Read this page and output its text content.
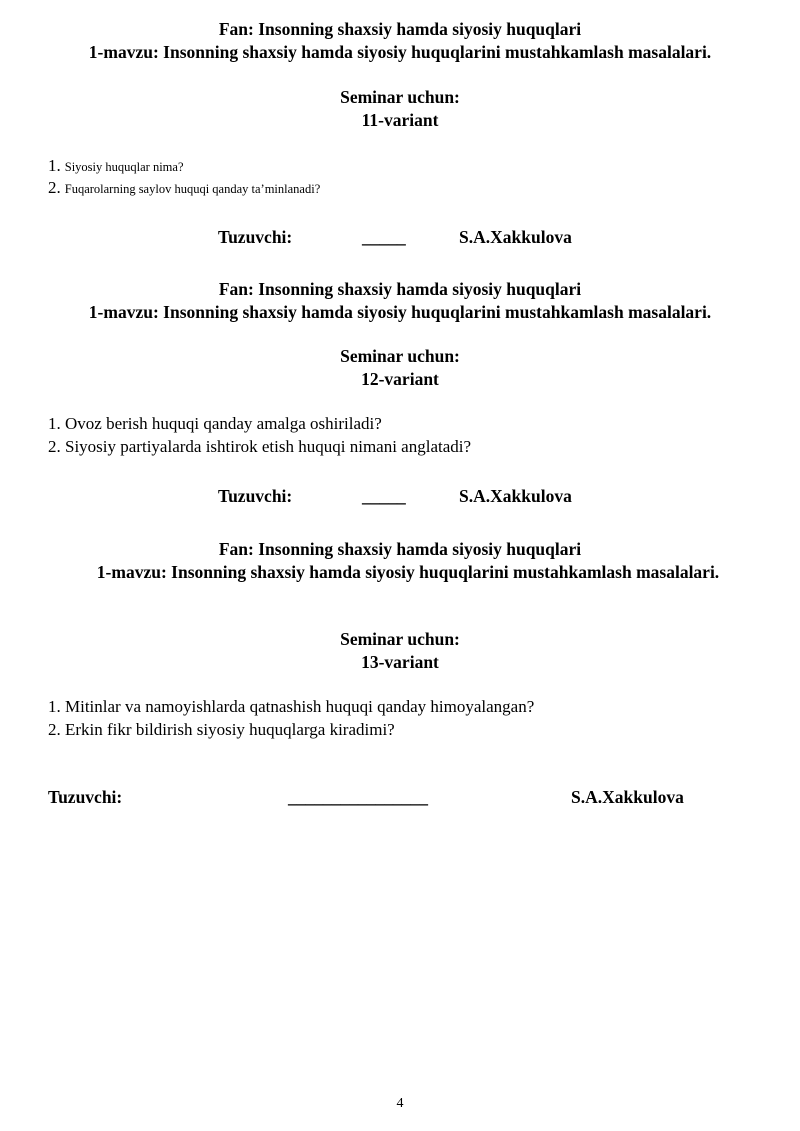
Fan: Insonning shaxsiy hamda siyosiy huquqlari
1-mavzu: Insonning shaxsiy hamda siyosiy huquqlarini mustahkamlash masalalari.
Seminar uchun:
11-variant
1. Siyosiy huquqlar nima?
2. Fuqarolarning saylov huquqi qanday ta’minlanadi?
Tuzuvchi:	_____	S.A.Xakkulova
Fan: Insonning shaxsiy hamda siyosiy huquqlari
1-mavzu: Insonning shaxsiy hamda siyosiy huquqlarini mustahkamlash masalalari.
Seminar uchun:
12-variant
1. Ovoz berish huquqi qanday amalga oshiriladi?
2. Siyosiy partiyalarda ishtirok etish huquqi nimani anglatadi?
Tuzuvchi:	_____	S.A.Xakkulova
Fan: Insonning shaxsiy hamda siyosiy huquqlari
1-mavzu: Insonning shaxsiy hamda siyosiy huquqlarini mustahkamlash masalalari.
Seminar uchun:
13-variant
1. Mitinlar va namoyishlarda qatnashish huquqi qanday himoyalangan?
2. Erkin fikr bildirish siyosiy huquqlarga kiradimi?
Tuzuvchi:	________________	S.A.Xakkulova
4
